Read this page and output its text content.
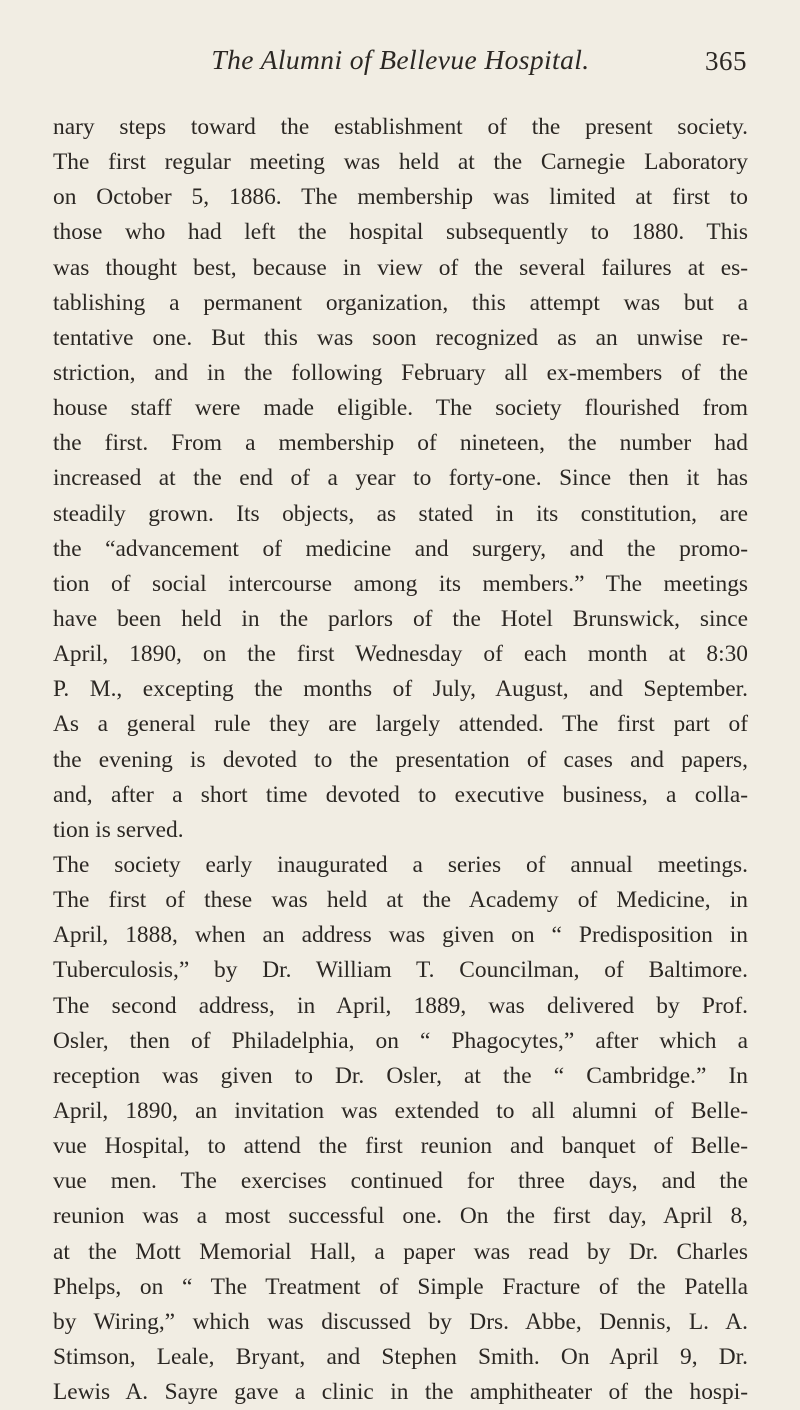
The Alumni of Bellevue Hospital.	365
nary steps toward the establishment of the present society.
The first regular meeting was held at the Carnegie Laboratory
on October 5, 1886. The membership was limited at first to
those who had left the hospital subsequently to 1880. This
was thought best, because in view of the several failures at es-
tablishing a permanent organization, this attempt was but a
tentative one. But this was soon recognized as an unwise re-
striction, and in the following February all ex-members of the
house staff were made eligible. The society flourished from
the first. From a membership of nineteen, the number had
increased at the end of a year to forty-one. Since then it has
steadily grown. Its objects, as stated in its constitution, are
the “advancement of medicine and surgery, and the promo-
tion of social intercourse among its members.” The meetings
have been held in the parlors of the Hotel Brunswick, since
April, 1890, on the first Wednesday of each month at 8:30
P. M., excepting the months of July, August, and September.
As a general rule they are largely attended. The first part of
the evening is devoted to the presentation of cases and papers,
and, after a short time devoted to executive business, a colla-
tion is served.
The society early inaugurated a series of annual meetings.
The first of these was held at the Academy of Medicine, in
April, 1888, when an address was given on “ Predisposition in
Tuberculosis,” by Dr. William T. Councilman, of Baltimore.
The second address, in April, 1889, was delivered by Prof.
Osler, then of Philadelphia, on “ Phagocytes,” after which a
reception was given to Dr. Osler, at the “ Cambridge.” In
April, 1890, an invitation was extended to all alumni of Belle-
vue Hospital, to attend the first reunion and banquet of Belle-
vue men. The exercises continued for three days, and the
reunion was a most successful one. On the first day, April 8,
at the Mott Memorial Hall, a paper was read by Dr. Charles
Phelps, on “ The Treatment of Simple Fracture of the Patella
by Wiring,” which was discussed by Drs. Abbe, Dennis, L. A.
Stimson, Leale, Bryant, and Stephen Smith. On April 9, Dr.
Lewis A. Sayre gave a clinic in the amphitheater of the hospi-
